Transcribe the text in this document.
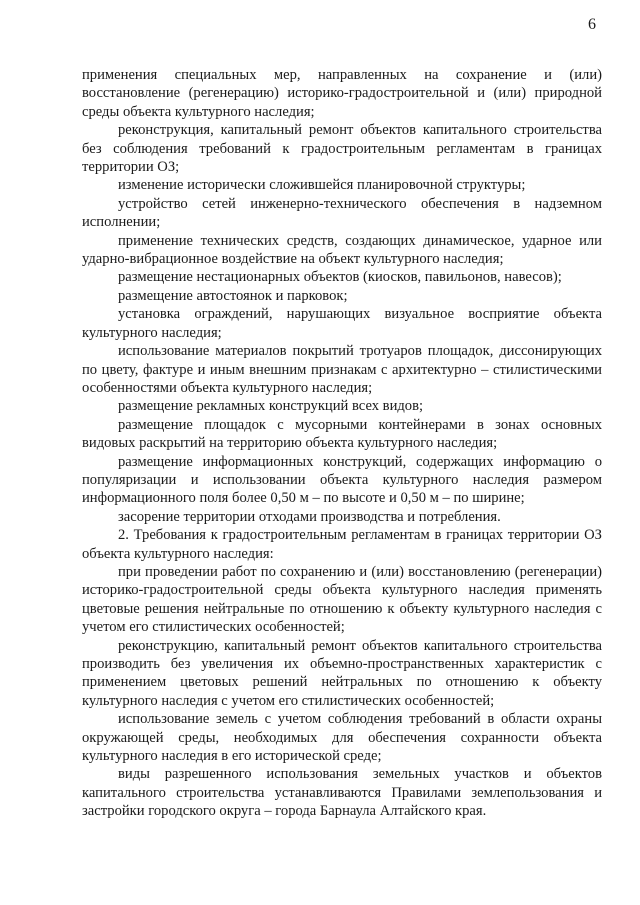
6

применения специальных мер, направленных на сохранение и (или) восстановление (регенерацию) историко-градостроительной и (или) природной среды объекта культурного наследия;

реконструкция, капитальный ремонт объектов капитального строительства без соблюдения требований к градостроительным регламентам в границах территории ОЗ;

изменение исторически сложившейся планировочной структуры;

устройство сетей инженерно-технического обеспечения в надземном исполнении;

применение технических средств, создающих динамическое, ударное или ударно-вибрационное воздействие на объект культурного наследия;

размещение нестационарных объектов (киосков, павильонов, навесов);

размещение автостоянок и парковок;

установка ограждений, нарушающих визуальное восприятие объекта культурного наследия;

использование материалов покрытий тротуаров площадок, диссонирующих по цвету, фактуре и иным внешним признакам с архитектурно – стилистическими особенностями объекта культурного наследия;

размещение рекламных конструкций всех видов;

размещение площадок с мусорными контейнерами в зонах основных видовых раскрытий на территорию объекта культурного наследия;

размещение информационных конструкций, содержащих информацию о популяризации и использовании объекта культурного наследия размером информационного поля более 0,50 м – по высоте и 0,50 м – по ширине;

засорение территории отходами производства и потребления.

2. Требования к градостроительным регламентам в границах территории ОЗ объекта культурного наследия:

при проведении работ по сохранению и (или) восстановлению (регенерации) историко-градостроительной среды объекта культурного наследия применять цветовые решения нейтральные по отношению к объекту культурного наследия с учетом его стилистических особенностей;

реконструкцию, капитальный ремонт объектов капитального строительства производить без увеличения их объемно-пространственных характеристик с применением цветовых решений нейтральных по отношению к объекту культурного наследия с учетом его стилистических особенностей;

использование земель с учетом соблюдения требований в области охраны окружающей среды, необходимых для обеспечения сохранности объекта культурного наследия в его исторической среде;

виды разрешенного использования земельных участков и объектов капитального строительства устанавливаются Правилами землепользования и застройки городского округа – города Барнаула Алтайского края.
